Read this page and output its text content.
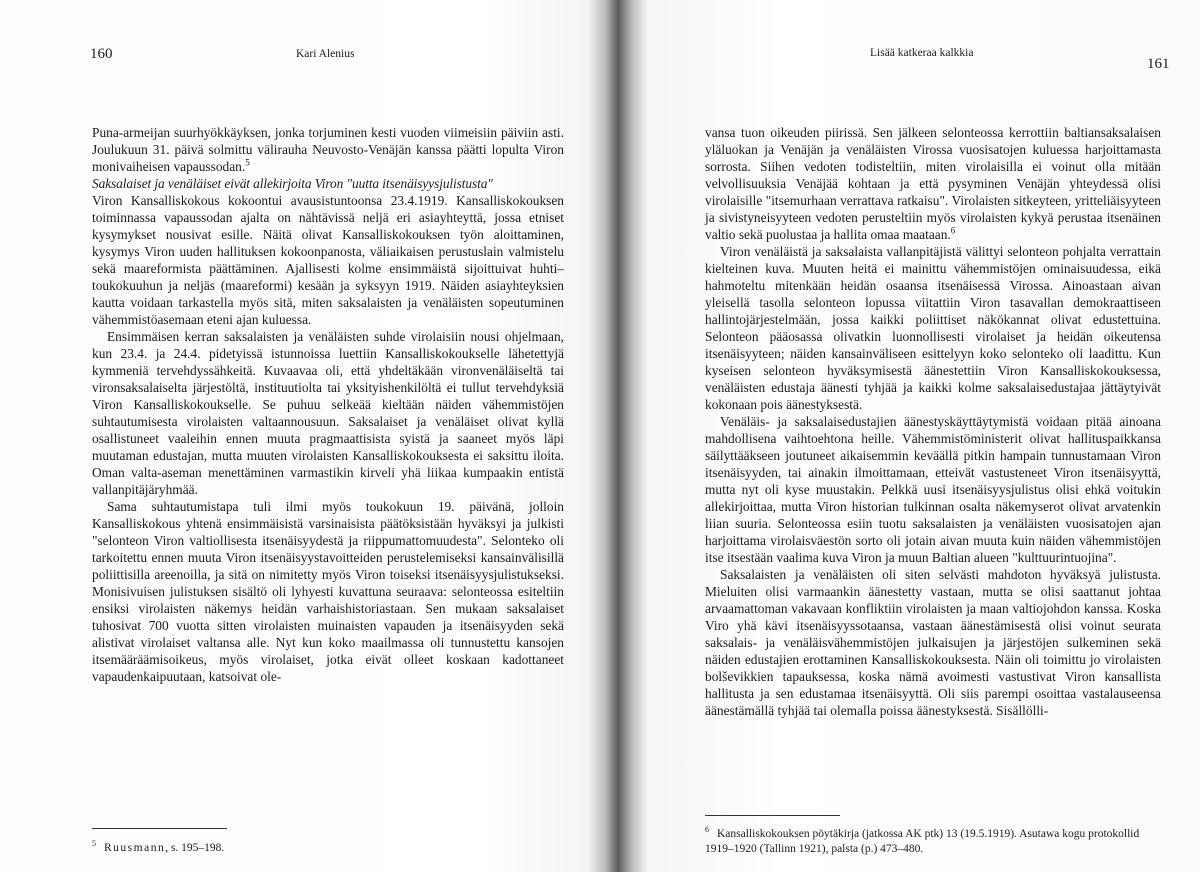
160	Kari Alenius

Puna-armeijan suurhyökkäyksen, jonka torjuminen kesti vuoden viimeisiin päiviin asti. Joulukuun 31. päivä solmittu välirauha Neuvosto-Venäjän kanssa päätti lopulta Viron monivaiheisen vapaussodan.$^5$

Saksalaiset ja venäläiset eivät allekirjoita Viron "uutta itsenäisyysjulistusta"

Viron Kansalliskokous kokoontui avausistuntoonsa 23.4.1919. Kansalliskokouksen toiminnassa vapaussodan ajalta on nähtävissä neljä eri asiayhteyttä, jossa etniset kysymykset nousivat esille. Näitä olivat Kansalliskokouksen työn aloittaminen, kysymys Viron uuden hallituksen kokoonpanosta, väliaikaisen perustuslain valmistelu sekä maareformista päättäminen. Ajallisesti kolme ensimmäistä sijoittuivat huhti–toukokuuhun ja neljäs (maareformi) kesään ja syksyyn 1919. Näiden asiayhteyksien kautta voidaan tarkastella myös sitä, miten saksalaisten ja venäläisten sopeutuminen vähemmistöasemaan eteni ajan kuluessa.

Ensimmäisen kerran saksalaisten ja venäläisten suhde virolaisiin nousi ohjelmaan, kun 23.4. ja 24.4. pidetyissä istunnoissa luettiin Kansalliskokoukselle lähetettyjä kymmeniä tervehdyssähkeitä. Kuvaavaa oli, että yhdeltäkään vironvenäläiseltä tai vironsaksalaiselta järjestöltä, instituutiolta tai yksityishenkilöltä ei tullut tervehdyksiä Viron Kansalliskokoukselle. Se puhuu selkeää kieltään näiden vähemmistöjen suhtautumisesta virolaisten valtaannousuun. Saksalaiset ja venäläiset olivat kyllä osallistuneet vaaleihin ennen muuta pragmaattisista syistä ja saaneet myös läpi muutaman edustajan, mutta muuten virolaisten Kansalliskokouksesta ei saksittu iloita. Oman valta-aseman menettäminen varmastikin kirveli yhä liikaa kumpaakin entistä vallanpitäjäryhmää.

Sama suhtautumistapa tuli ilmi myös toukokuun 19. päivänä, jolloin Kansalliskokous yhtenä ensimmäisistä varsinaisista päätöksistään hyväksyi ja julkisti "selonteon Viron valtiollisesta itsenäisyydestä ja riippumattomuudesta". Selonteko oli tarkoitettu ennen muuta Viron itsenäisyystavoitteiden perustelemiseksi kansainvälisillä poliittisilla areenoilla, ja sitä on nimitetty myös Viron toiseksi itsenäisyysjulistukseksi. Monisivuisen julistuksen sisältö oli lyhyesti kuvattuna seuraava: selonteossa esiteltiin ensiksi virolaisten näkemys heidän varhaishistoriastaan. Sen mukaan saksalaiset tuhosivat 700 vuotta sitten virolaisten muinaisten vapauden ja itsenäisyyden sekä alistivat virolaiset valtansa alle. Nyt kun koko maailmassa oli tunnustettu kansojen itsemääräämisoikeus, myös virolaiset, jotka eivät olleet koskaan kadottaneet vapaudenkaipuutaan, katsoivat ole-

$^5$ Ruusmann, s. 195–198.
Lisää katkeraa kalkkia
161

vansa tuon oikeuden piirissä. Sen jälkeen selonteossa kerrottiin baltiansaksalaisen yläluokan ja Venäjän ja venäläisten Virossa vuosisatojen kuluessa harjoittamasta sorrosta. Siihen vedoten todisteltiin, miten virolaisilla ei voinut olla mitään velvollisuuksia Venäjää kohtaan ja että pysyminen Venäjän yhteydessä olisi virolaisille "itsemurhaan verrattava ratkaisu". Virolaisten sitkeyteen, yritteliäisyyteen ja sivistyneisyyteen vedoten perusteltiin myös virolaisten kykyä perustaa itsenäinen valtio sekä puolustaa ja hallita omaa maataan.$^6$

Viron venäläistä ja saksalaista vallanpitäjistä välittyi selonteon pohjalta verrattain kielteinen kuva. Muuten heitä ei mainittu vähemmistöjen ominaisuudessa, eikä hahmoteltu mitenkään heidän osaansa itsenäisessä Virossa. Ainoastaan aivan yleisellä tasolla selonteon lopussa viitattiin Viron tasavallan demokraattiseen hallintojärjestelmään, jossa kaikki poliittiset näkökannat olivat edustettuina. Selonteon pääosassa olivatkin luonnollisesti virolaiset ja heidän oikeutensa itsenäisyyteen; näiden kansainväliseen esittelyyn koko selonteko oli laadittu. Kun kyseisen selonteon hyväksymisestä äänestettiin Viron Kansalliskokouksessa, venäläisten edustaja äänesti tyhjää ja kaikki kolme saksalaisedustajaa jättäytyivät kokonaan pois äänestyksestä.

Venäläis- ja saksalaisedustajien äänestyskäyttäytymistä voidaan pitää ainoana mahdollisena vaihtoehtona heille. Vähemmistöministerit olivat hallituspaikkansa säilyttääkseen joutuneet aikaisemmin keväällä pitkin hampain tunnustamaan Viron itsenäisyyden, tai ainakin ilmoittamaan, etteivät vastusteneet Viron itsenäisyyttä, mutta nyt oli kyse muustakin. Pelkkä uusi itsenäisyysjulistus olisi ehkä voitukin allekirjoittaa, mutta Viron historian tulkinnan osalta näkemyserot olivat arvatenkin liian suuria. Selonteossa esiin tuotu saksalaisten ja venäläisten vuosisatojen ajan harjoittama virolaisväestön sorto oli jotain aivan muuta kuin näiden vähemmistöjen itse itsestään vaalima kuva Viron ja muun Baltian alueen "kulttuurintuojina".

Saksalaisten ja venäläisten oli siten selvästi mahdoton hyväksyä julistusta. Mieluiten olisi varmaankin äänestetty vastaan, mutta se olisi saattanut johtaa arvaamattoman vakavaan konfliktiin virolaisten ja maan valtiojohdon kanssa. Koska Viro yhä kävi itsenäisyyssotaansa, vastaan äänestämisestä olisi voinut seurata saksalais- ja venäläisvähemmistöjen julkaisujen ja järjestöjen sulkeminen sekä näiden edustajien erottaminen Kansalliskokouksesta. Näin oli toimittu jo virolaisten bolševikkien tapauksessa, koska nämä avoimesti vastustivat Viron kansallista hallitusta ja sen edustamaa itsenäisyyttä. Oli siis parempi osoittaa vastalauseensa äänestämällä tyhjää tai olemalla poissa äänestyksestä. Sisällölli-

$^6$ Kansalliskokouksen pöytäkirja (jatkossa AK ptk) 13 (19.5.1919). Asutawa kogu protokollid 1919–1920 (Tallinn 1921), palsta (p.) 473–480.
